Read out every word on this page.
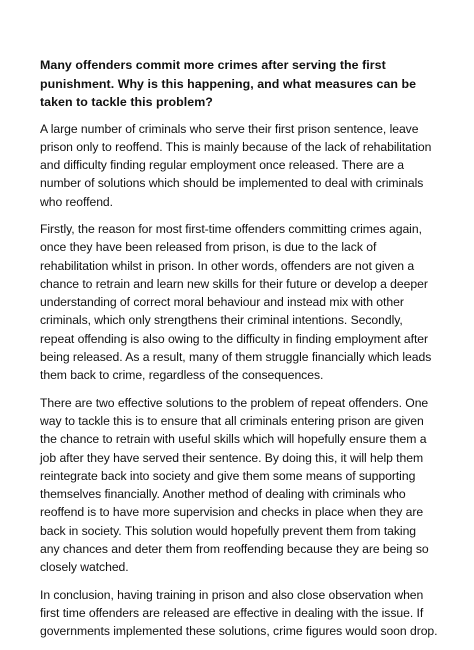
Many offenders commit more crimes after serving the first punishment. Why is this happening, and what measures can be taken to tackle this problem?

A large number of criminals who serve their first prison sentence, leave prison only to reoffend. This is mainly because of the lack of rehabilitation and difficulty finding regular employment once released. There are a number of solutions which should be implemented to deal with criminals who reoffend.

Firstly, the reason for most first-time offenders committing crimes again, once they have been released from prison, is due to the lack of rehabilitation whilst in prison. In other words, offenders are not given a chance to retrain and learn new skills for their future or develop a deeper understanding of correct moral behaviour and instead mix with other criminals, which only strengthens their criminal intentions. Secondly, repeat offending is also owing to the difficulty in finding employment after being released. As a result, many of them struggle financially which leads them back to crime, regardless of the consequences.

There are two effective solutions to the problem of repeat offenders. One way to tackle this is to ensure that all criminals entering prison are given the chance to retrain with useful skills which will hopefully ensure them a job after they have served their sentence. By doing this, it will help them reintegrate back into society and give them some means of supporting themselves financially. Another method of dealing with criminals who reoffend is to have more supervision and checks in place when they are back in society. This solution would hopefully prevent them from taking any chances and deter them from reoffending because they are being so closely watched.

In conclusion, having training in prison and also close observation when first time offenders are released are effective in dealing with the issue. If governments implemented these solutions, crime figures would soon drop.
